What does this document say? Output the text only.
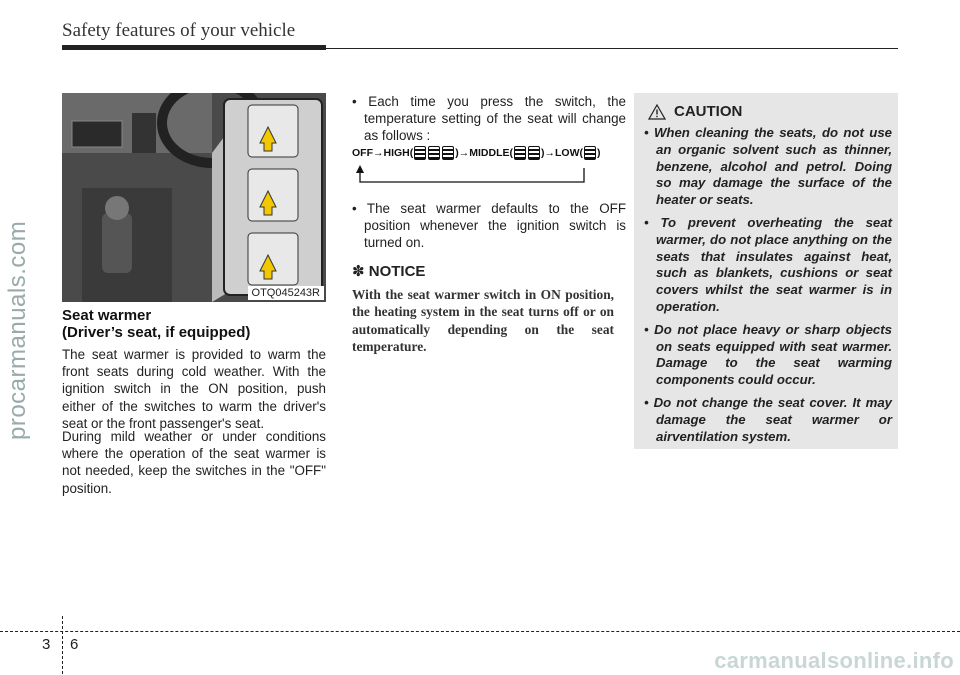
Safety features of your vehicle
procarmanuals.com	OTQ045243R
Seat warmer
(Driver’s seat, if equipped)
The seat warmer is provided to warm the front seats during cold weather. With the ignition switch in the ON position, push either of the switches to warm the driver's seat or the front passenger's seat.
During mild weather or under conditions where the operation of the seat warmer is not needed, keep the switches in the "OFF" position.
• Each time you press the switch, the temperature setting of the seat will change as follows :
OFF → HIGH(	) → MIDDLE(	) → LOW( )
• The seat warmer defaults to the OFF position whenever the ignition switch is turned on.
✽ NOTICE
With the seat warmer switch in ON position, the heating system in the seat turns off or on automatically depending on the seat temperature.
CAUTION
• When cleaning the seats, do not use an organic solvent such as thinner, benzene, alcohol and petrol. Doing so may damage the surface of the heater or seats.
• To prevent overheating the seat warmer, do not place anything on the seats that insulates against heat, such as blankets, cushions or seat covers whilst the seat warmer is in operation.
• Do not place heavy or sharp objects on seats equipped with seat warmer. Damage to the seat warming components could occur.
• Do not change the seat cover. It may damage the seat warmer or airventilation system.
3 6
carmanualsonline.info
